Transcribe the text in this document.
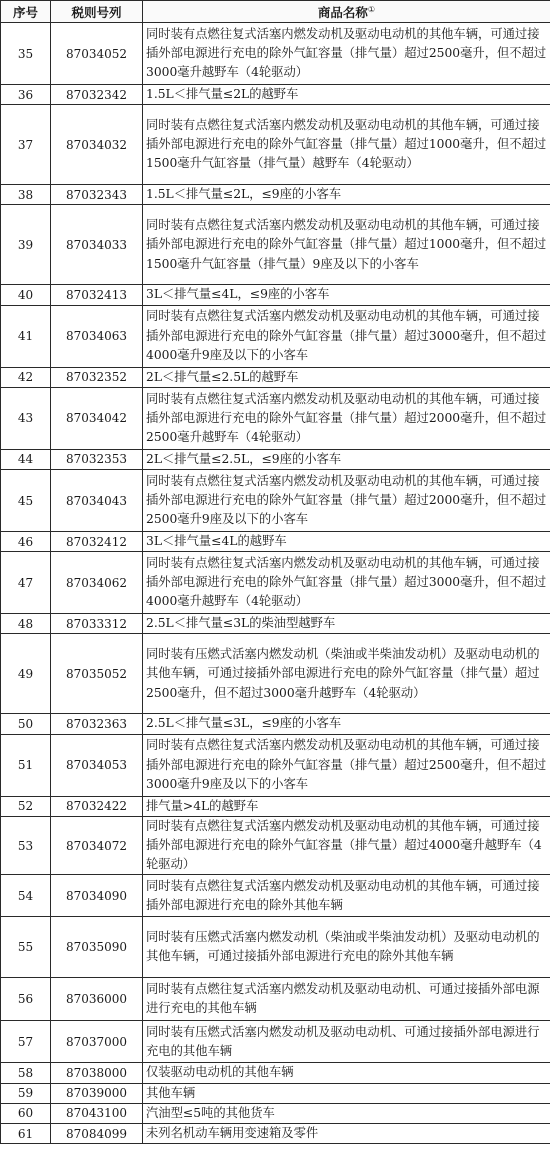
序号	税则号列	商品名称①
35	87034052	同时装有点燃往复式活塞内燃发动机及驱动电动机的其他车辆，可通过接插外部电源进行充电的除外气缸容量（排气量）超过2500毫升，但不超过3000毫升越野车（4轮驱动）
36	87032342	1.5L＜排气量≤2L的越野车
37	87034032	同时装有点燃往复式活塞内燃发动机及驱动电动机的其他车辆，可通过接插外部电源进行充电的除外气缸容量（排气量）超过1000毫升，但不超过1500毫升气缸容量（排气量）越野车（4轮驱动）
38	87032343	1.5L＜排气量≤2L，≤9座的小客车
39	87034033	同时装有点燃往复式活塞内燃发动机及驱动电动机的其他车辆，可通过接插外部电源进行充电的除外气缸容量（排气量）超过1000毫升，但不超过1500毫升气缸容量（排气量）9座及以下的小客车
40	87032413	3L＜排气量≤4L，≤9座的小客车
41	87034063	同时装有点燃往复式活塞内燃发动机及驱动电动机的其他车辆，可通过接插外部电源进行充电的除外气缸容量（排气量）超过3000毫升，但不超过4000毫升9座及以下的小客车
42	87032352	2L＜排气量≤2.5L的越野车
43	87034042	同时装有点燃往复式活塞内燃发动机及驱动电动机的其他车辆，可通过接插外部电源进行充电的除外气缸容量（排气量）超过2000毫升，但不超过2500毫升越野车（4轮驱动）
44	87032353	2L＜排气量≤2.5L，≤9座的小客车
45	87034043	同时装有点燃往复式活塞内燃发动机及驱动电动机的其他车辆，可通过接插外部电源进行充电的除外气缸容量（排气量）超过2000毫升，但不超过2500毫升9座及以下的小客车
46	87032412	3L＜排气量≤4L的越野车
47	87034062	同时装有点燃往复式活塞内燃发动机及驱动电动机的其他车辆，可通过接插外部电源进行充电的除外气缸容量（排气量）超过3000毫升，但不超过4000毫升越野车（4轮驱动）
48	87033312	2.5L＜排气量≤3L的柴油型越野车
49	87035052	同时装有压燃式活塞内燃发动机（柴油或半柴油发动机）及驱动电动机的其他车辆，可通过接插外部电源进行充电的除外气缸容量（排气量）超过2500毫升，但不超过3000毫升越野车（4轮驱动）
50	87032363	2.5L＜排气量≤3L，≤9座的小客车
51	87034053	同时装有点燃往复式活塞内燃发动机及驱动电动机的其他车辆，可通过接插外部电源进行充电的除外气缸容量（排气量）超过2500毫升，但不超过3000毫升9座及以下的小客车
52	87032422	排气量>4L的越野车
53	87034072	同时装有点燃往复式活塞内燃发动机及驱动电动机的其他车辆，可通过接插外部电源进行充电的除外气缸容量（排气量）超过4000毫升越野车（4轮驱动）
54	87034090	同时装有点燃往复式活塞内燃发动机及驱动电动机的其他车辆，可通过接插外部电源进行充电的除外其他车辆
55	87035090	同时装有压燃式活塞内燃发动机（柴油或半柴油发动机）及驱动电动机的其他车辆，可通过接插外部电源进行充电的除外其他车辆
56	87036000	同时装有点燃往复式活塞内燃发动机及驱动电动机、可通过接插外部电源进行充电的其他车辆
57	87037000	同时装有压燃式活塞内燃发动机及驱动电动机、可通过接插外部电源进行充电的其他车辆
58	87038000	仅装驱动电动机的其他车辆
59	87039000	其他车辆
60	87043100	汽油型≤5吨的其他货车
61	87084099	未列名机动车辆用变速箱及零件
